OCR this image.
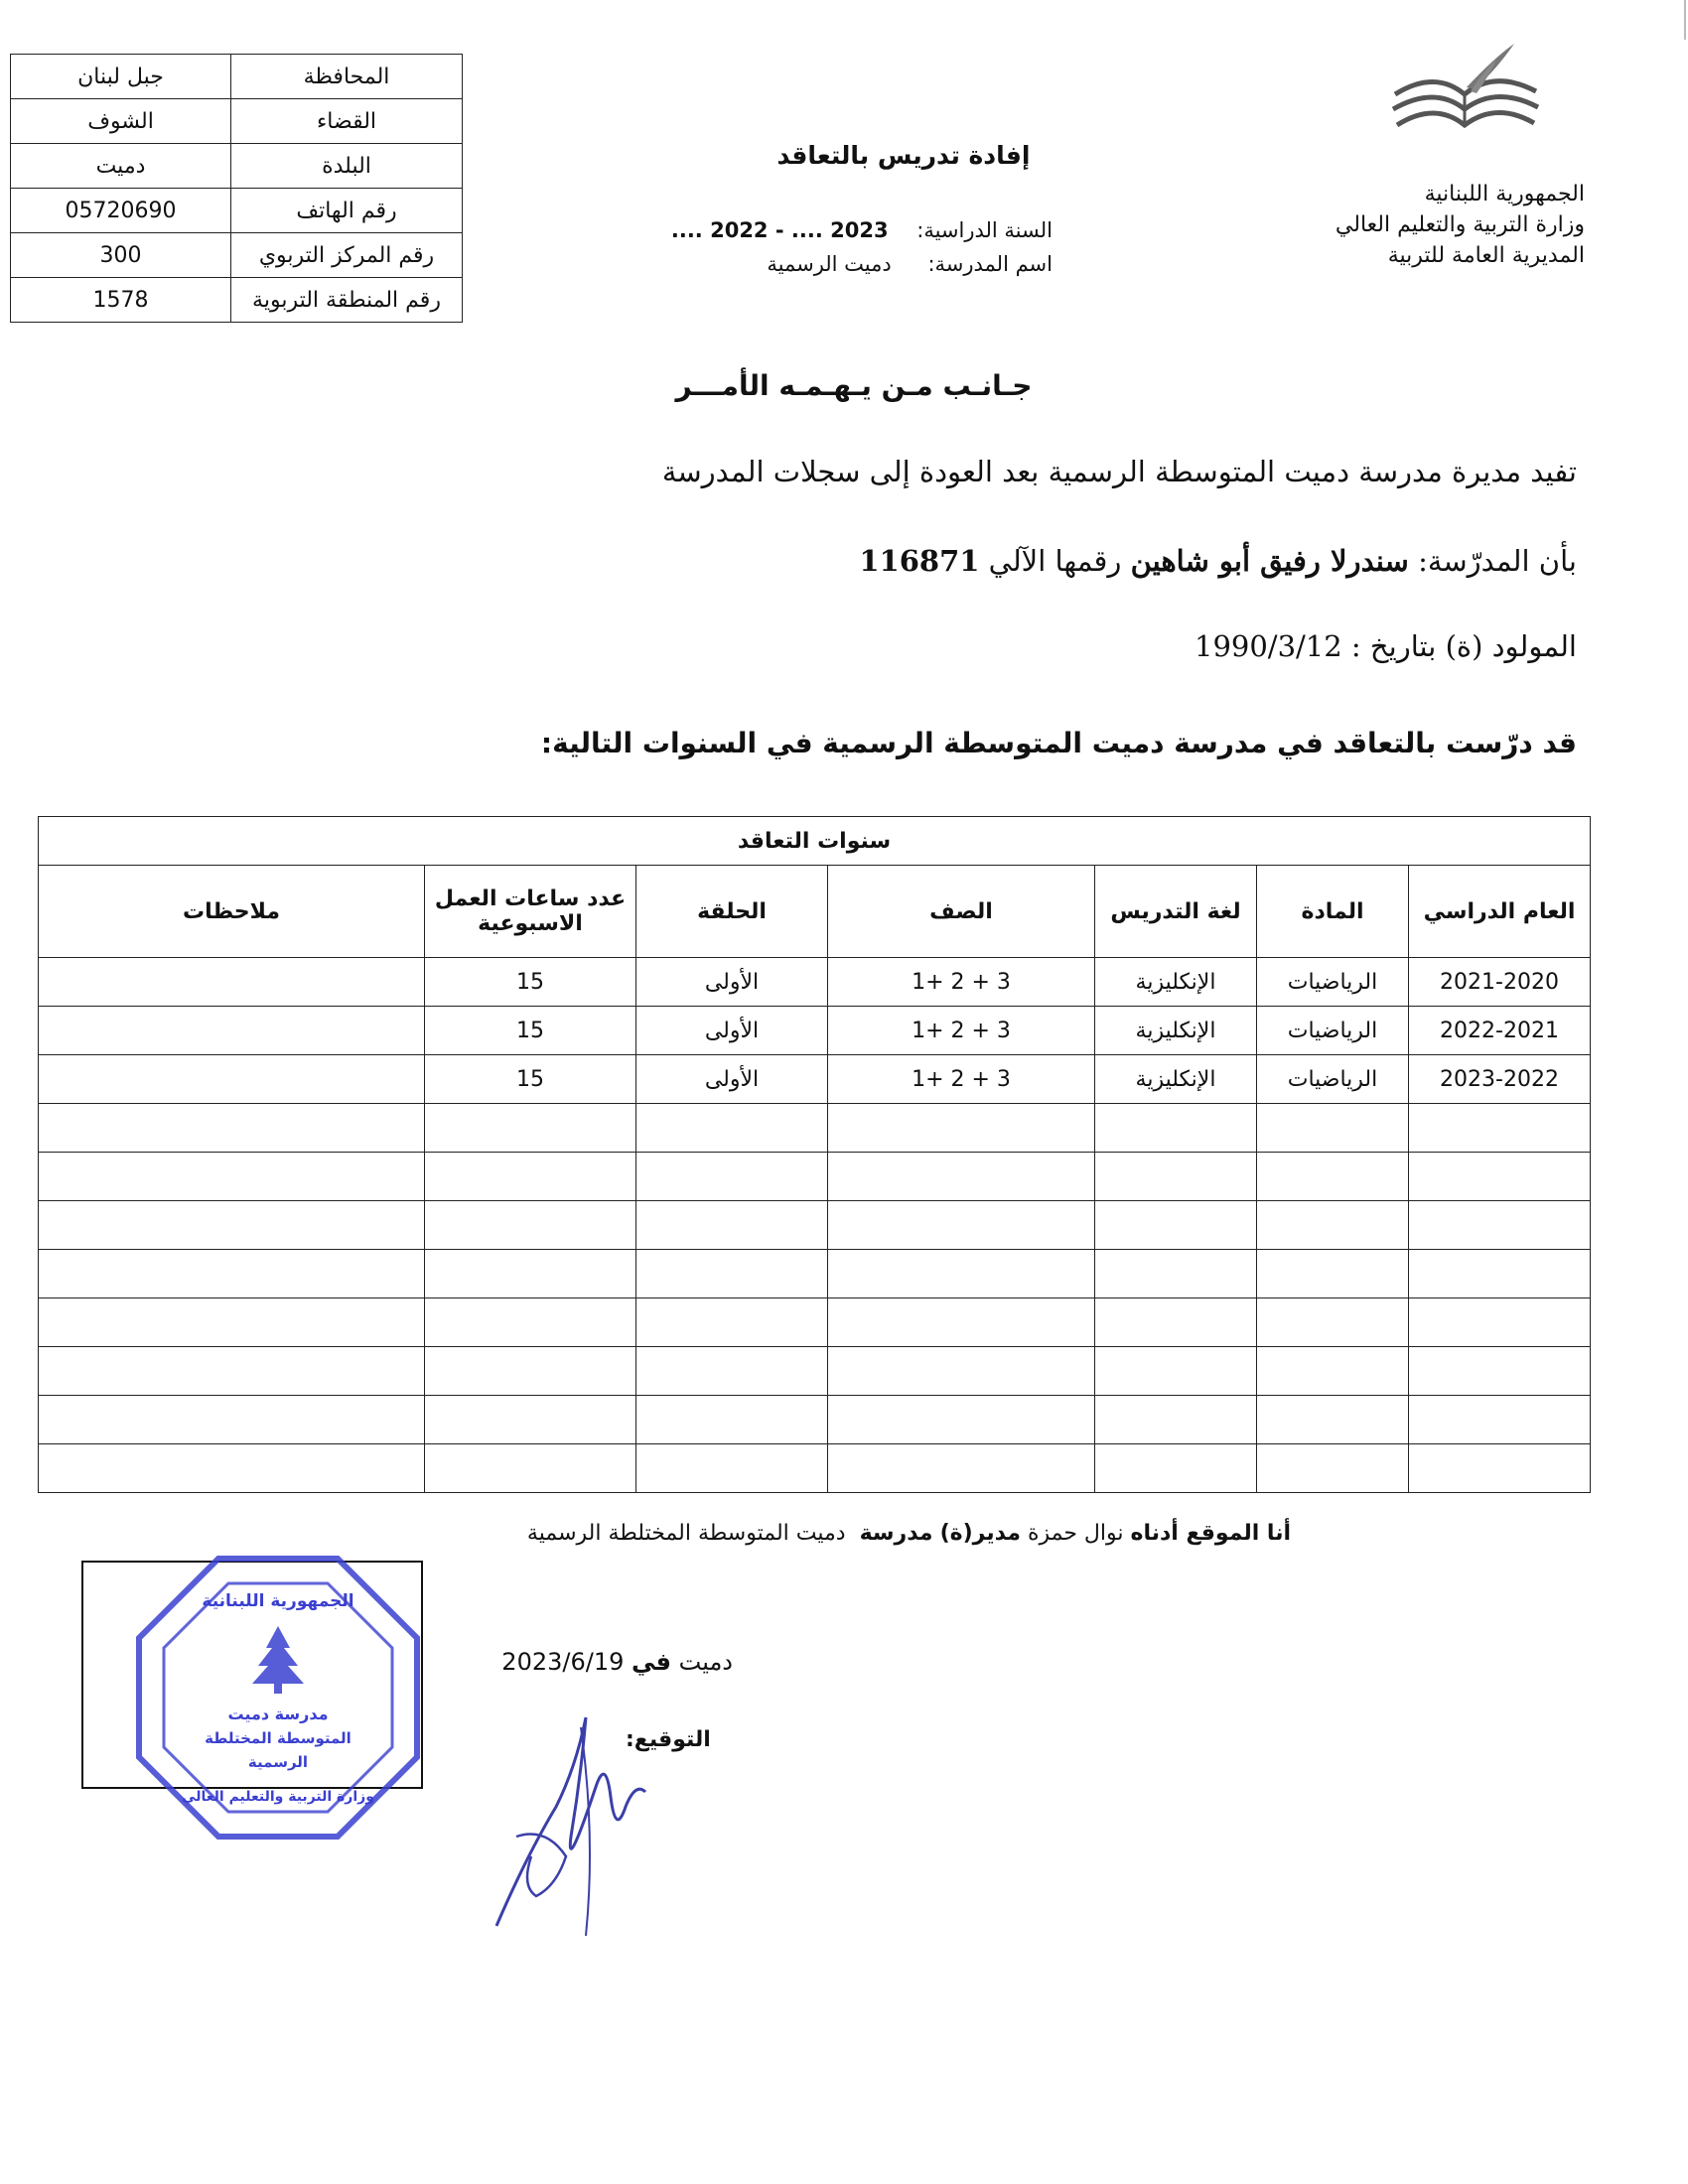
المحافظة	جبل لبنان
القضاء	الشوف
البلدة	دميت
رقم الهاتف	05720690
رقم المركز التربوي	300
رقم المنطقة التربوية	1578
الجمهورية اللبنانية
وزارة التربية والتعليم العالي
المديرية العامة للتربية
إفادة تدريس بالتعاقد
السنة الدراسية: .... 2022 - .... 2023
اسم المدرسة: دميت الرسمية
جـانـب مـن يـهـمـه الأمـــر
تفيد مديرة مدرسة دميت المتوسطة الرسمية بعد العودة إلى سجلات المدرسة
بأن المدرّسة: سندرلا رفيق أبو شاهين رقمها الآلي 116871
المولود (ة) بتاريخ : 1990/3/12
قد درّست بالتعاقد في مدرسة دميت المتوسطة الرسمية في السنوات التالية:
سنوات التعاقد						
العام الدراسي	المادة	لغة التدريس	الصف	الحلقة	عدد ساعات العمل الاسبوعية	ملاحظات
2021-2020	الرياضيات	الإنكليزية	1+ 2 + 3	الأولى	15	
2022-2021	الرياضيات	الإنكليزية	1+ 2 + 3	الأولى	15	
2023-2022	الرياضيات	الإنكليزية	1+ 2 + 3	الأولى	15	

أنا الموقع أدناه نوال حمزة مدير(ة) مدرسة  دميت المتوسطة المختلطة الرسمية
دميت في 2023/6/19
التوقيع:
مدرسة دميت
المتوسطة المختلطة
الرسمية
الجمهورية اللبنانية
وزارة التربية والتعليم العالي
